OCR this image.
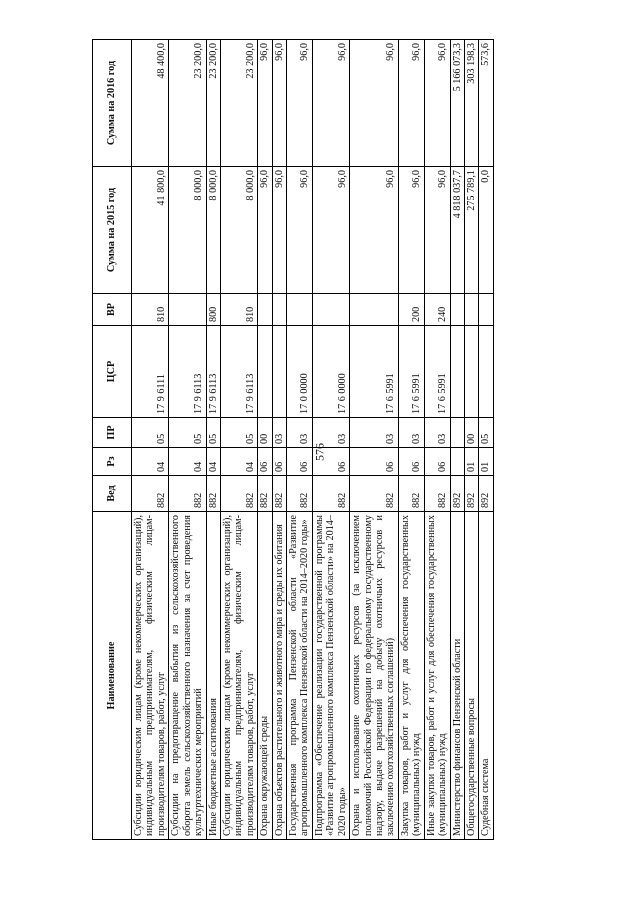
576
Наименование	Вед	Рз	ПР	ЦСР	ВР	Сумма на 2015 год	Сумма на 2016 год
Субсидии юридическим лицам (кроме некоммерческих организаций), индивидуальным предпринимателям, физическим лицам-производителям товаров, работ, услуг	882	04	05	17 9 6111	810	41 800,0	48 400,0
Субсидии на предотвращение выбытия из сельскохозяйственного оборота земель сельскохозяйственного назначения за счет проведения культуртехнических мероприятий	882	04	05	17 9 6113		8 000,0	23 200,0
Иные бюджетные ассигнования	882	04	05	17 9 6113	800	8 000,0	23 200,0
Субсидии юридическим лицам (кроме некоммерческих организаций), индивидуальным предпринимателям, физическим лицам-производителям товаров, работ, услуг	882	04	05	17 9 6113	810	8 000,0	23 200,0
Охрана окружающей среды	882	06	00			96,0	96,0
Охрана объектов растительного и животного мира и среды их обитания	882	06	03			96,0	96,0
Государственная программа Пензенской области «Развитие агропромышленного комплекса Пензенской области на 2014–2020 годы»	882	06	03	17 0 0000		96,0	96,0
Подпрограмма «Обеспечение реализации государственной программы «Развитие агропромышленного комплекса Пензенской области» на 2014–2020 годы»	882	06	03	17 6 0000		96,0	96,0
Охрана и использование охотничьих ресурсов (за исключением полномочий Российской Федерации по федеральному государственному надзору, выдаче разрешений на добычу охотничьих ресурсов и заключению охотхозяйственных соглашений)	882	06	03	17 6 5991		96,0	96,0
Закупка товаров, работ и услуг для обеспечения государственных (муниципальных) нужд	882	06	03	17 6 5991	200	96,0	96,0
Иные закупки товаров, работ и услуг для обеспечения государственных (муниципальных) нужд	882	06	03	17 6 5991	240	96,0	96,0
Министерство финансов Пензенской области	892					4 818 037,7	5 166 073,3
Общегосударственные вопросы	892	01	00			275 789,1	303 198,3
Судебная система	892	01	05			0,0	573,6
